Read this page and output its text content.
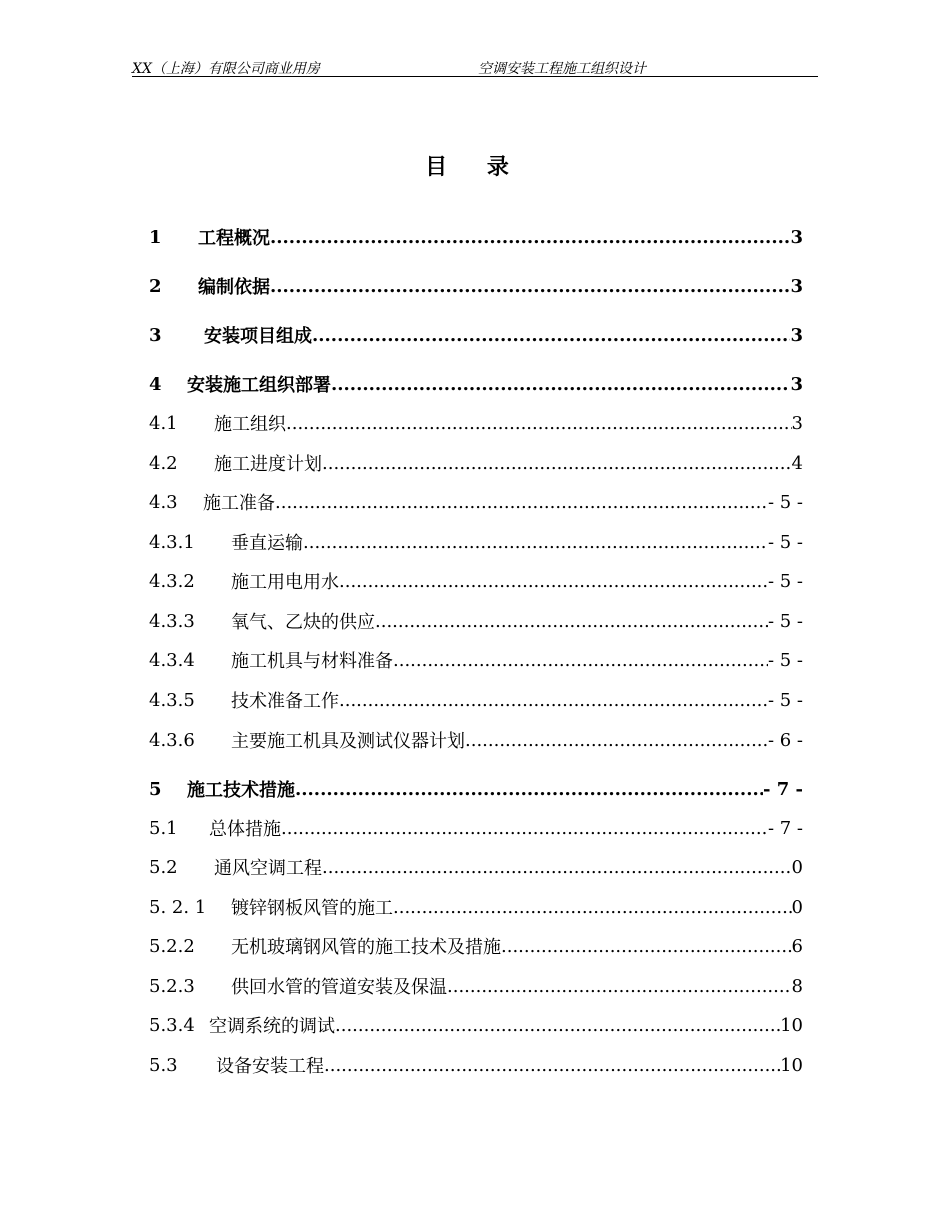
XX（上海）有限公司商业用房	空调安装工程施工组织设计
目 录
1	工程概况 .....	3
2	编制依据 .....	3
3	安装项目组成 .....	3
4	安装施工组织部署 .....	3
4.1	施工组织 .....	3
4.2	施工进度计划 .....	4
4.3	施工准备 .....	- 5 -
4.3.1	垂直运输 .....	- 5 -
4.3.2	施工用电用水 .....	- 5 -
4.3.3	氧气、乙炔的供应 .....	- 5 -
4.3.4	施工机具与材料准备 .....	- 5 -
4.3.5	技术准备工作 .....	- 5 -
4.3.6	主要施工机具及测试仪器计划 .....	- 6 -
5	施工技术措施 .....	- 7 -
5.1	总体措施 .....	- 7 -
5.2	通风空调工程 .....	0
5. 2. 1	镀锌钢板风管的施工 .....	0
5.2.2	无机玻璃钢风管的施工技术及措施 .....	6
5.2.3	供回水管的管道安装及保温 .....	8
5.3.4 空调系统的调试 .....	10
5.3	设备安装工程 .....	10
